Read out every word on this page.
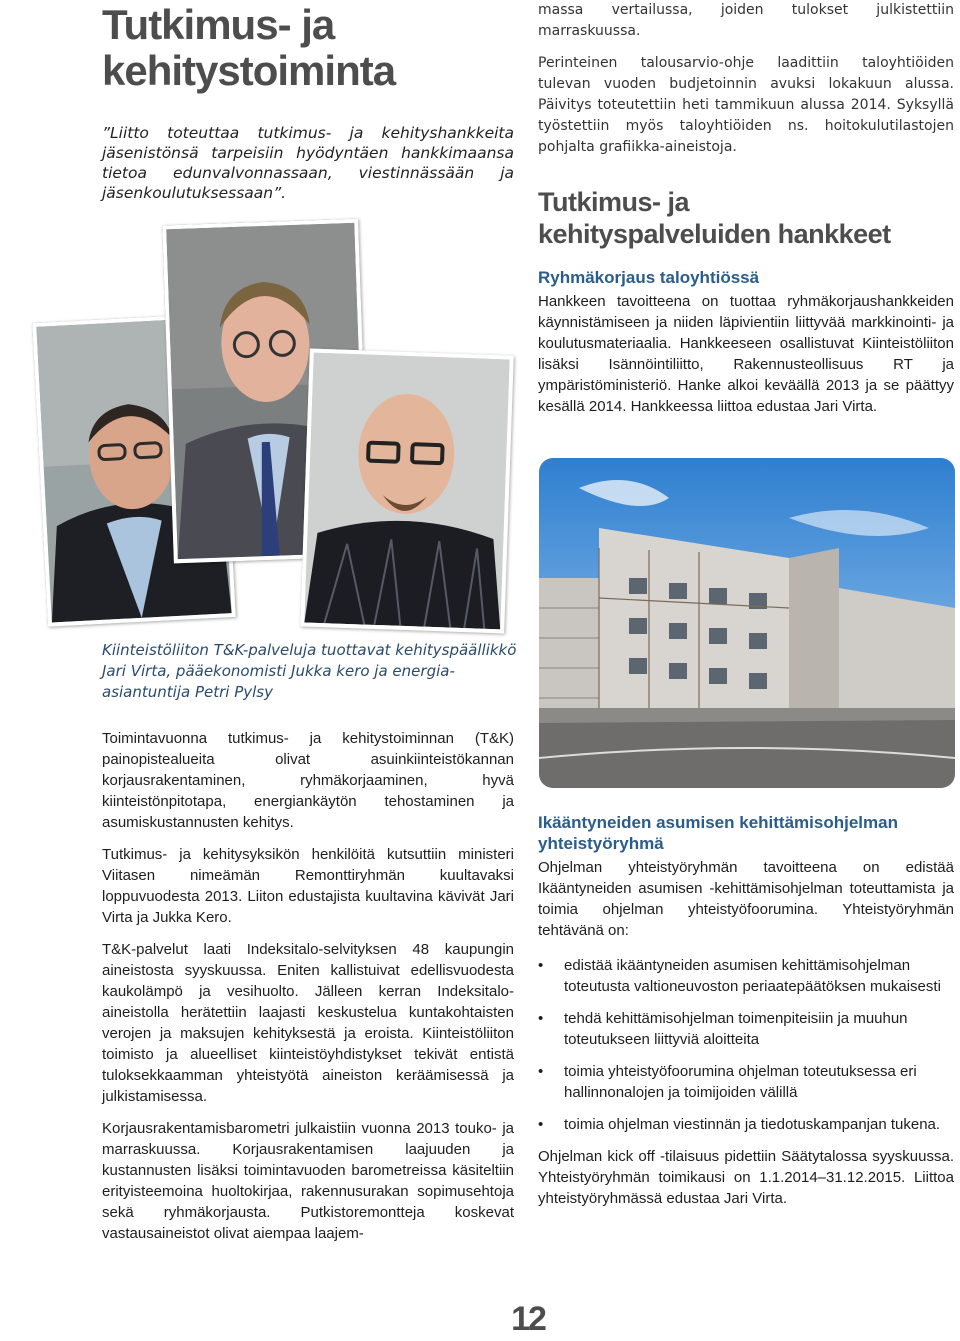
Tutkimus- ja kehitystoiminta

”Liitto toteuttaa tutkimus- ja kehityshankkeita jäsenistönsä tarpeisiin hyödyntäen hankkimaansa tietoa edunvalvonnassaan, viestinnässään ja jäsenkoulutuksessaan”.

Kiinteistöliiton T&K-palveluja tuottavat kehityspäällikkö Jari Virta, pääekonomisti Jukka kero ja energia-asiantuntija Petri Pylsy

Toimintavuonna tutkimus- ja kehitystoiminnan (T&K) painopistealueita olivat asuinkiinteistökannan korjausrakentaminen, ryhmäkorjaaminen, hyvä kiinteistönpitotapa, energiankäytön tehostaminen ja asumiskustannusten kehitys.

Tutkimus- ja kehitysyksikön henkilöitä kutsuttiin ministeri Viitasen nimeämän Remonttiryhmän kuultavaksi loppuvuodesta 2013. Liiton edustajista kuultavina kävivät Jari Virta ja Jukka Kero.

T&K-palvelut laati Indeksitalo-selvityksen 48 kaupungin aineistosta syyskuussa. Eniten kallistuivat edellisvuodesta kaukolämpö ja vesihuolto. Jälleen kerran Indeksitalo-aineistolla herätettiin laajasti keskustelua kuntakohtaisten verojen ja maksujen kehityksestä ja eroista. Kiinteistöliiton toimisto ja alueelliset kiinteistöyhdistykset tekivät entistä tuloksekkaamman yhteistyötä aineiston keräämisessä ja julkistamisessa.

Korjausrakentamisbarometri julkaistiin vuonna 2013 touko- ja marraskuussa. Korjausrakentamisen laajuuden ja kustannusten lisäksi toimintavuoden barometreissa käsiteltiin erityisteemoina huoltokirjaa, rakennusurakan sopimusehtoja sekä ryhmäkorjausta. Putkistoremontteja koskevat vastausaineistot olivat aiempaa laajem-

massa vertailussa, joiden tulokset julkistettiin marraskuussa.

Perinteinen talousarvio-ohje laadittiin taloyhtiöiden tulevan vuoden budjetoinnin avuksi lokakuun alussa. Päivitys toteutettiin heti tammikuun alussa 2014. Syksyllä työstettiin myös taloyhtiöiden ns. hoitokulutilastojen pohjalta grafiikka-aineistoja.

Tutkimus- ja kehityspalveluiden hankkeet
Ryhmäkorjaus taloyhtiössä

Hankkeen tavoitteena on tuottaa ryhmäkorjaushankkeiden käynnistämiseen ja niiden läpivientiin liittyvää markkinointi- ja koulutusmateriaalia. Hankkeeseen osallistuvat Kiinteistöliiton lisäksi Isännöintiliitto, Rakennusteollisuus RT ja ympäristöministeriö. Hanke alkoi keväällä 2013 ja se päättyy kesällä 2014. Hankkeessa liittoa edustaa Jari Virta.

Ikääntyneiden asumisen kehittämisohjelman yhteistyöryhmä

Ohjelman yhteistyöryhmän tavoitteena on edistää Ikääntyneiden asumisen -kehittämisohjelman toteuttamista ja toimia ohjelman yhteistyöfoorumina. Yhteistyöryhmän tehtävänä on:

• edistää ikääntyneiden asumisen kehittämisohjelman toteutusta valtioneuvoston periaatepäätöksen mukaisesti
• tehdä kehittämisohjelman toimenpiteisiin ja muuhun toteutukseen liittyviä aloitteita
• toimia yhteistyöfoorumina ohjelman toteutuksessa eri hallinnonalojen ja toimijoiden välillä
• toimia ohjelman viestinnän ja tiedotuskampanjan tukena.

Ohjelman kick off -tilaisuus pidettiin Säätytalossa syyskuussa. Yhteistyöryhmän toimikausi on 1.1.2014–31.12.2015. Liittoa yhteistyöryhmässä edustaa Jari Virta.

12
